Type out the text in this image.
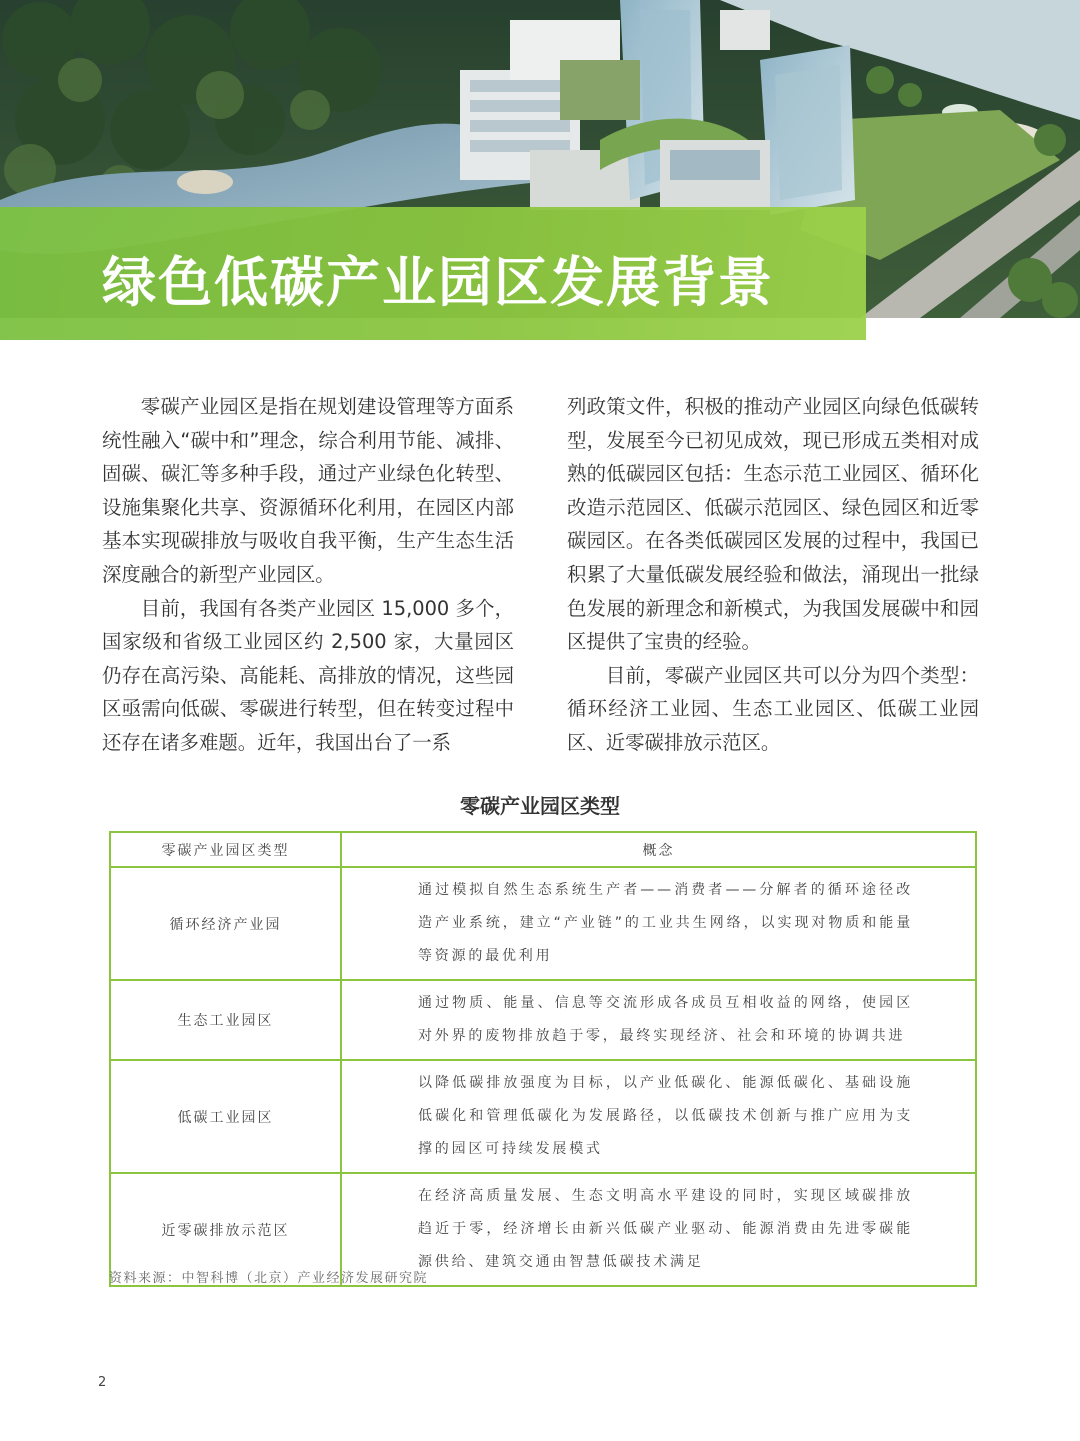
绿色低碳产业园区发展背景

零碳产业园区是指在规划建设管理等方面系统性融入“碳中和”理念，综合利用节能、减排、固碳、碳汇等多种手段，通过产业绿色化转型、设施集聚化共享、资源循环化利用，在园区内部基本实现碳排放与吸收自我平衡，生产生态生活深度融合的新型产业园区。

目前，我国有各类产业园区 15,000 多个，国家级和省级工业园区约 2,500 家，大量园区仍存在高污染、高能耗、高排放的情况，这些园区亟需向低碳、零碳进行转型，但在转变过程中还存在诸多难题。近年，我国出台了一系

列政策文件，积极的推动产业园区向绿色低碳转型，发展至今已初见成效，现已形成五类相对成熟的低碳园区包括：生态示范工业园区、循环化改造示范园区、低碳示范园区、绿色园区和近零碳园区。在各类低碳园区发展的过程中，我国已积累了大量低碳发展经验和做法，涌现出一批绿色发展的新理念和新模式，为我国发展碳中和园区提供了宝贵的经验。

目前，零碳产业园区共可以分为四个类型：循环经济工业园、生态工业园区、低碳工业园区、近零碳排放示范区。

零碳产业园区类型
零碳产业园区类型	概念
循环经济产业园	通过模拟自然生态系统生产者——消费者——分解者的循环途径改造产业系统，建立“产业链”的工业共生网络，以实现对物质和能量等资源的最优利用
生态工业园区	通过物质、能量、信息等交流形成各成员互相收益的网络，使园区对外界的废物排放趋于零，最终实现经济、社会和环境的协调共进
低碳工业园区	以降低碳排放强度为目标，以产业低碳化、能源低碳化、基础设施低碳化和管理低碳化为发展路径，以低碳技术创新与推广应用为支撑的园区可持续发展模式
近零碳排放示范区	在经济高质量发展、生态文明高水平建设的同时，实现区域碳排放趋近于零，经济增长由新兴低碳产业驱动、能源消费由先进零碳能源供给、建筑交通由智慧低碳技术满足
资料来源：中智科博（北京）产业经济发展研究院
2
